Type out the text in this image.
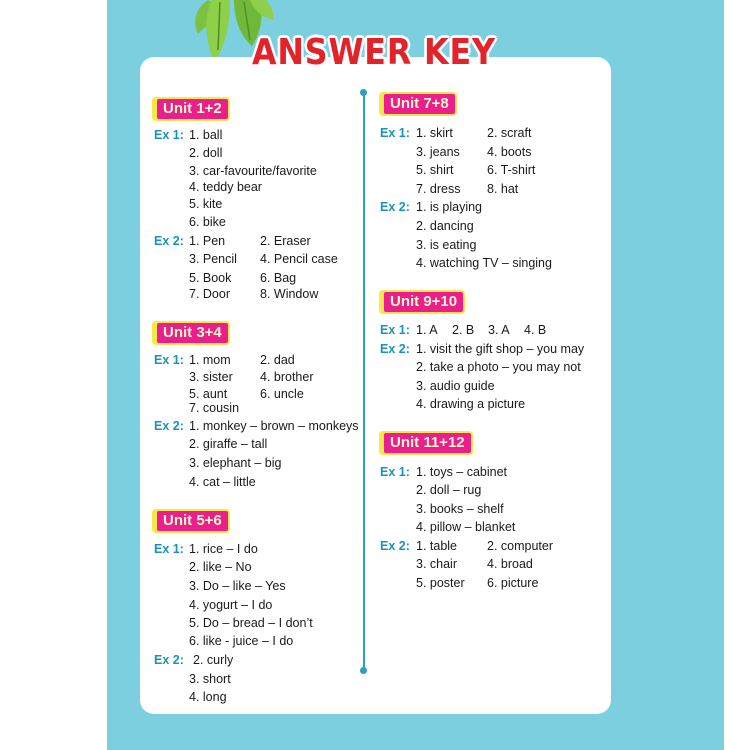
ANSWER KEY
Unit 1+2
Ex 1: 1. ball
2. doll
3. car-favourite/favorite
4. teddy bear
5. kite
6. bike
Ex 2: 1. Pen	2. Eraser
3. Pencil 4. Pencil case
5. Book 6. Bag
7. Door 8. Window
Unit 3+4
Ex 1: 1. mom 2. dad
3. sister 4. brother
5. aunt	6. uncle
7. cousin
Ex 2: 1. monkey – brown – monkeys
2. giraffe – tall
3. elephant – big
4. cat – little
Unit 5+6
Ex 1: 1. rice – I do
2. like – No
3. Do – like – Yes
4. yogurt – I do
5. Do – bread – I don’t
6. like - juice – I do
Ex 2: 2. curly
3. short
4. long
Unit 7+8
Ex 1: 1. skirt	2. scraft
3. jeans 4. boots
5. shirt	6. T-shirt
7. dress 8. hat
Ex 2: 1. is playing
2. dancing
3. is eating
4. watching TV – singing
Unit 9+10
Ex 1: 1. A 2. B 3. A 4. B
Ex 2: 1. visit the gift shop – you may
2. take a photo – you may not
3. audio guide
4. drawing a picture
Unit 11+12
Ex 1: 1. toys – cabinet
2. doll – rug
3. books – shelf
4. pillow – blanket
Ex 2: 1. table 2. computer
3. chair 4. broad
5. poster 6. picture
